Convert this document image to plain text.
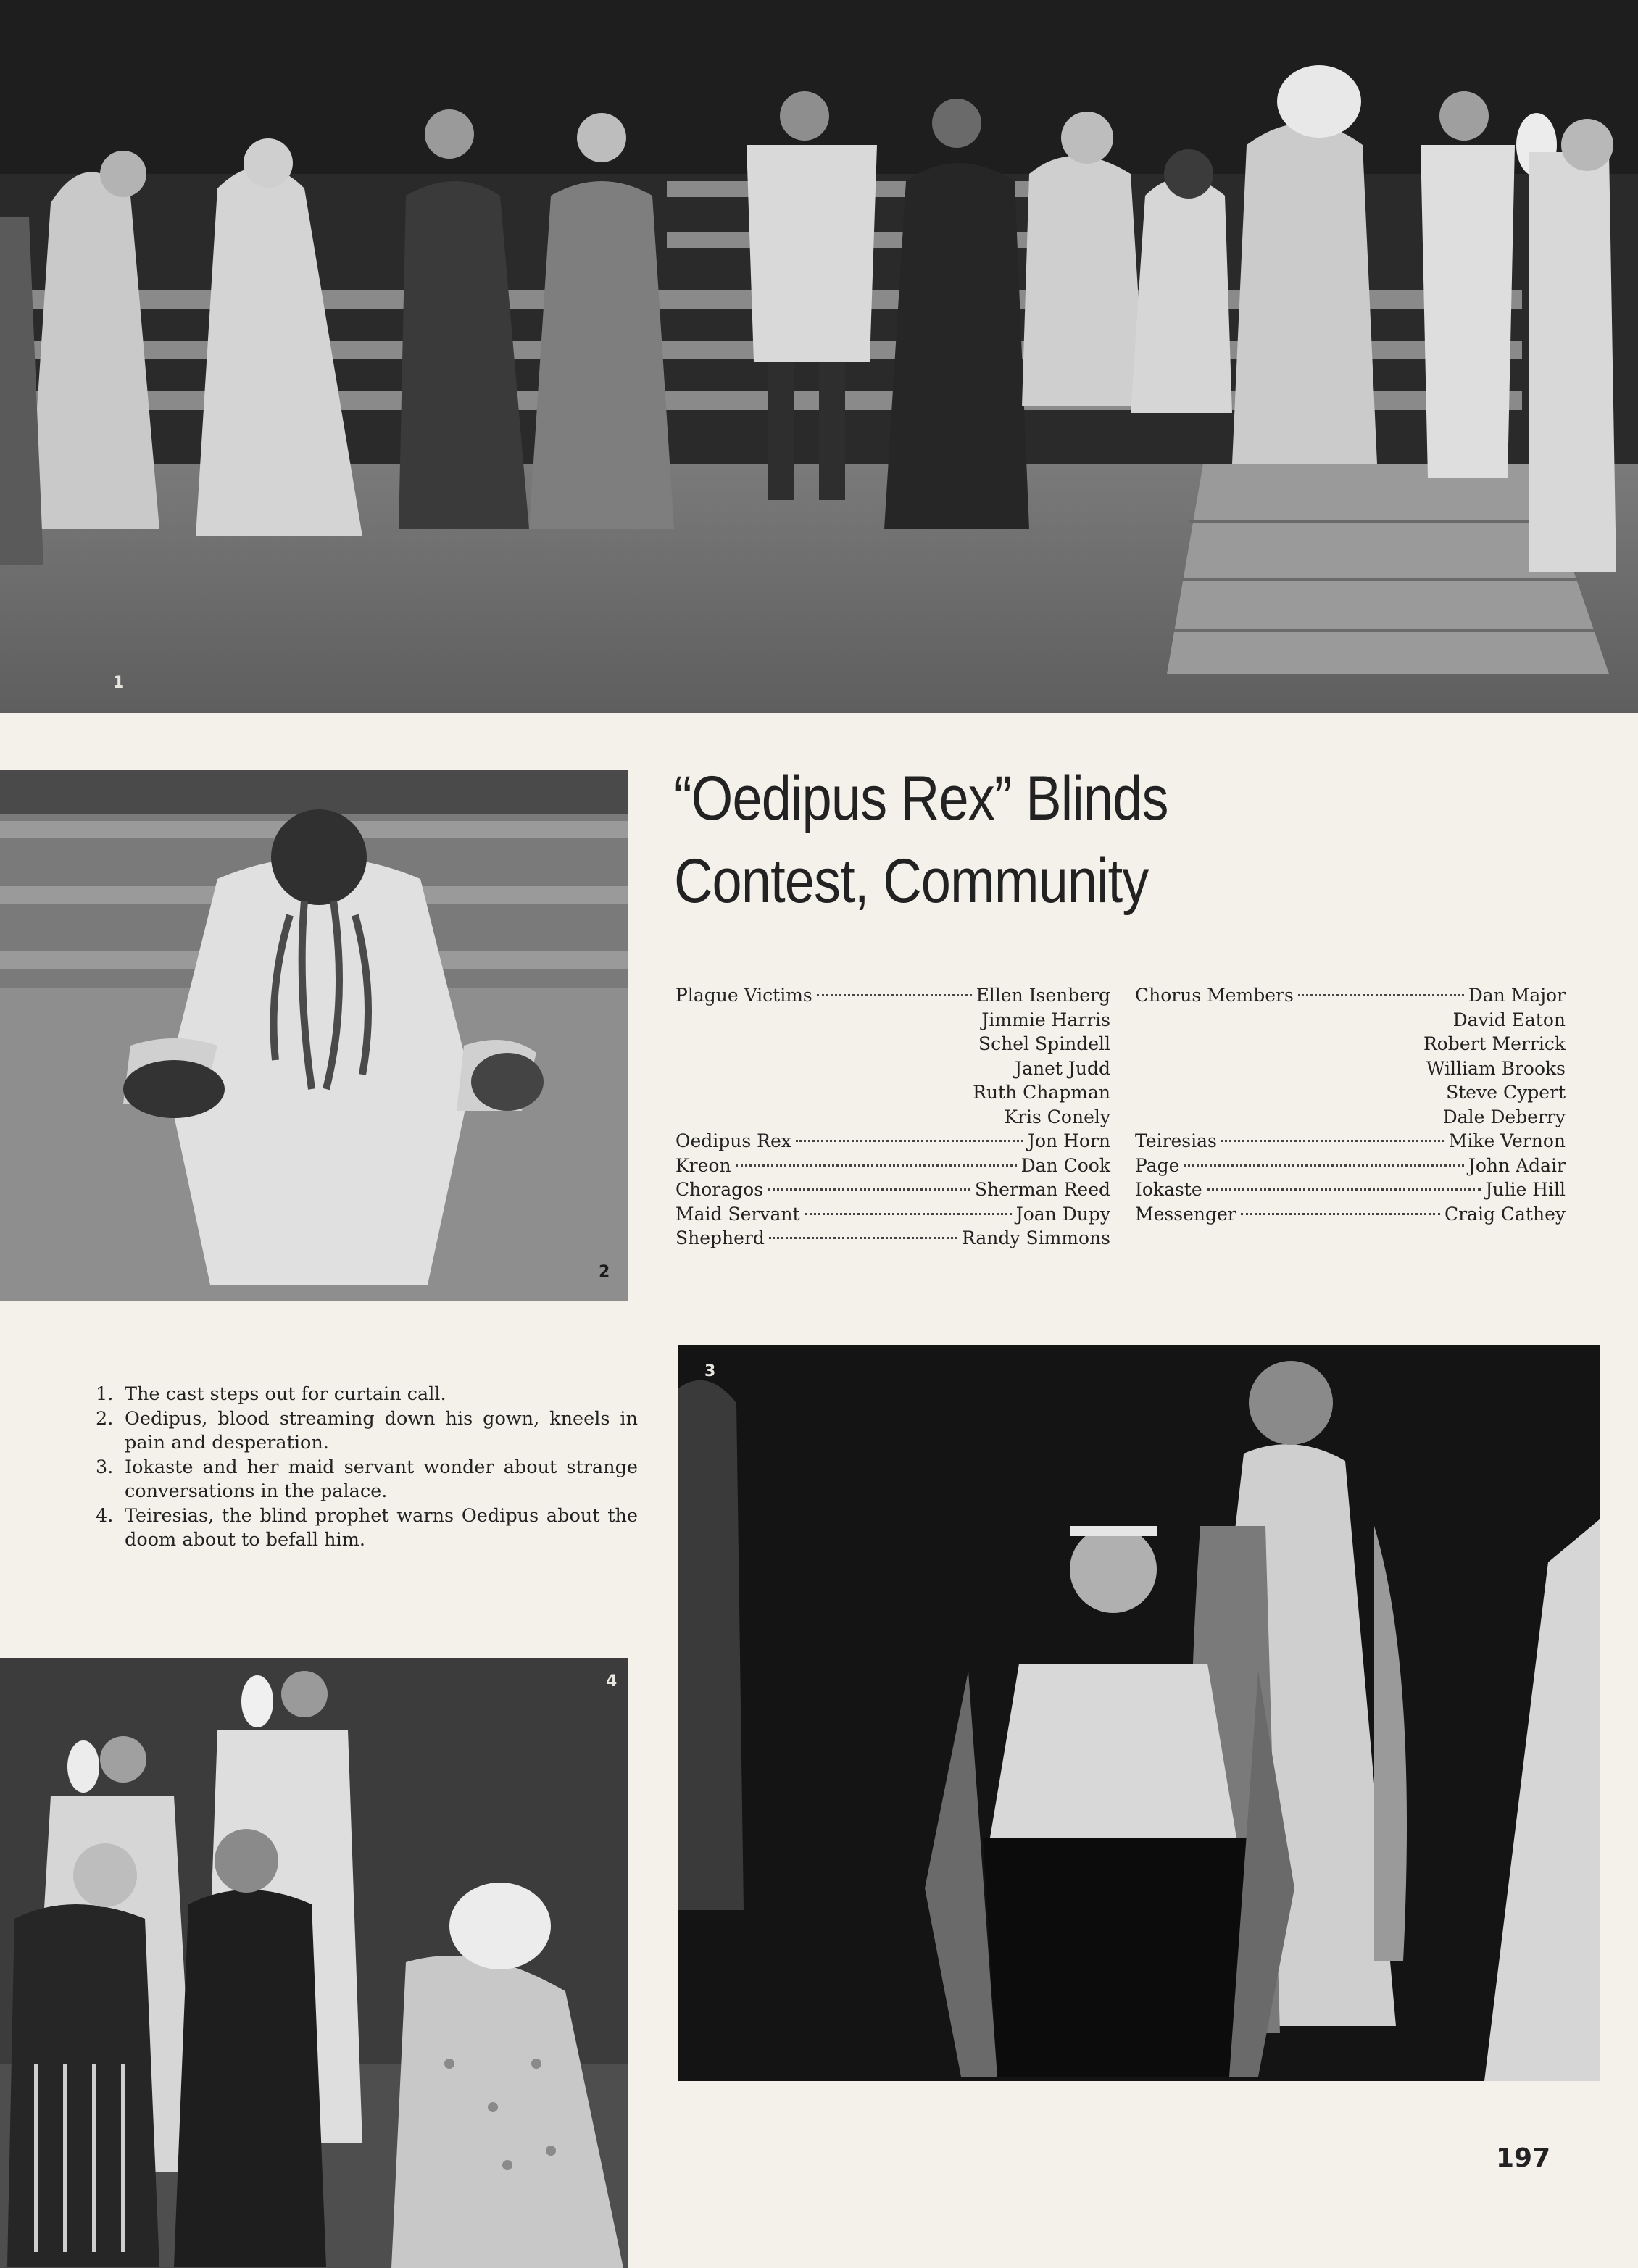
1
2
“Oedipus Rex” Blinds
Contest, Community
Plague Victims	Ellen Isenberg
Jimmie Harris
Schel Spindell
Janet Judd
Ruth Chapman
Kris Conely
Oedipus Rex	Jon Horn
Kreon	Dan Cook
Choragos	Sherman Reed
Maid Servant	Joan Dupy
Shepherd	Randy Simmons
Chorus Members	Dan Major
David Eaton
Robert Merrick
William Brooks
Steve Cypert
Dale Deberry
Teiresias	Mike Vernon
Page	John Adair
Iokaste	Julie Hill
Messenger	Craig Cathey
1. The cast steps out for curtain call.
2. Oedipus, blood streaming down his gown, kneels in pain and desperation.
3. Iokaste and her maid servant wonder about strange conversations in the palace.
4. Teiresias, the blind prophet warns Oedipus about the doom about to befall him.
3
4
197
